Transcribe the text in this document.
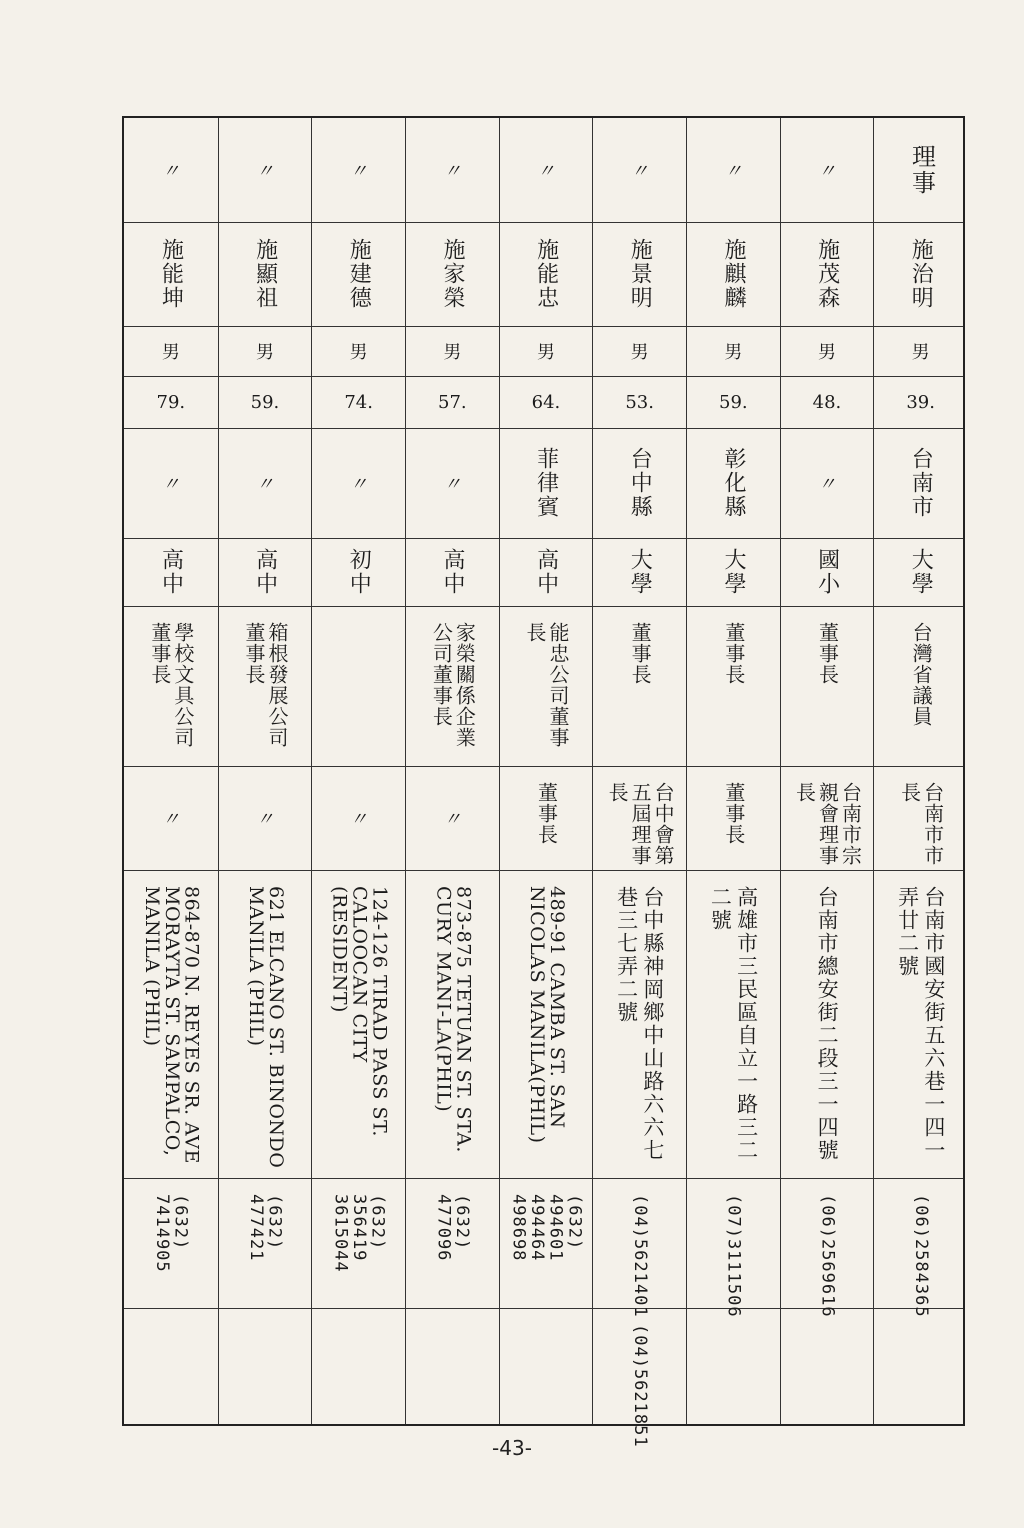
理事
施治明
男
39.
台南市
大學
台灣省議員
台南市市長
台南市國安街五六巷一四一弄廿二號
(06)2584365
〃
施茂森
男
48.
〃
國小
董事長
台南市宗親會理事長
台南市總安街二段三一四號
(06)2569616
〃
施麒麟
男
59.
彰化縣
大學
董事長
董事長
高雄市三民區自立一路三二二號
(07)3111506
〃
施景明
男
53.
台中縣
大學
董事長
台中會第五屆理事長
台中縣神岡鄉中山路六六七巷三七弄二號
(04)5621401
(04)5621851
〃
施能忠
男
64.
菲律賓
高中
能忠公司董事長
董事長
489-91 CAMBA ST. SAN NICOLAS MANILA(PHIL)
(632) 494601 494464 498698
〃
施家榮
男
57.
〃
高中
家榮關係企業公司董事長
〃
873-875 TETUAN ST. STA. CURY MANI-LA(PHIL)
(632) 477096
〃
施建德
男
74.
〃
初中
〃
124-126 TIRAD PASS ST. CALOOCAN CITY (RESIDENT)
(632) 356419 3615044
〃
施顯祖
男
59.
〃
高中
箱根發展公司董事長
〃
621 ELCANO ST. BINONDO MANILA (PHIL)
(632) 477421
〃
施能坤
男
79.
〃
高中
學校文具公司董事長
〃
864-870 N. REYES SR. AVE MORAYTA ST. SAMPALCO, MANILA (PHIL)
(632) 7414905
-43-
